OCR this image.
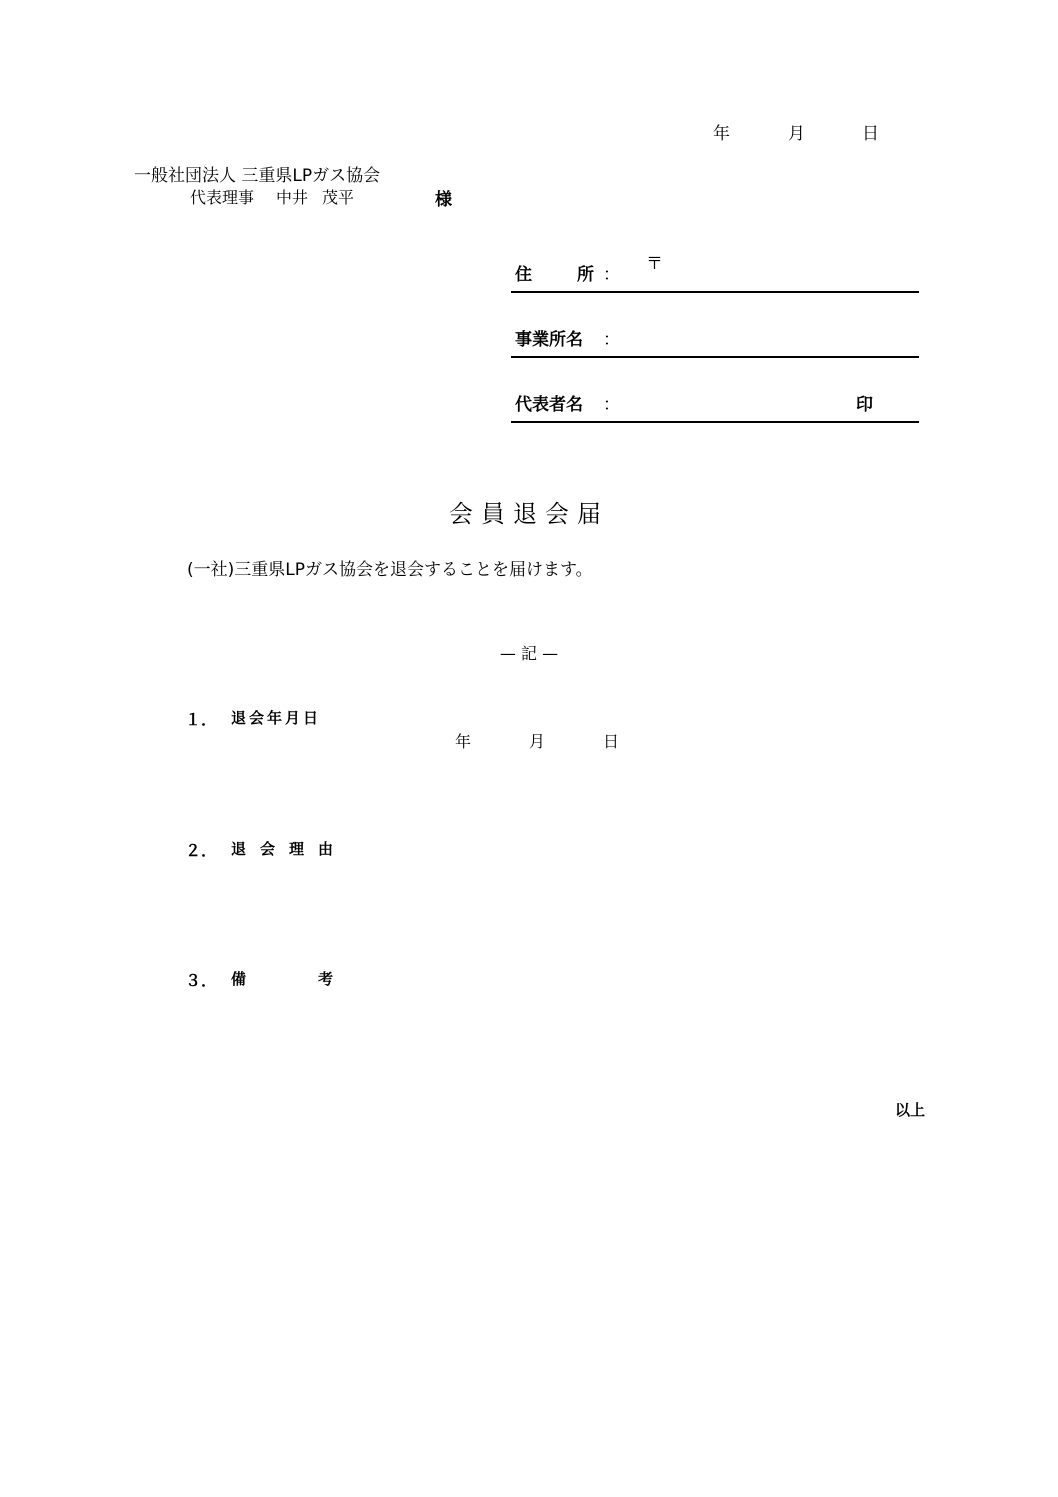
年	月	日
一般社団法人 三重県LPガス協会
代表理事 中井 茂平	様
住	所 ：
〒
事業所名 ：
代表者名 ：	印
会員退会届
(一社)三重県LPガス協会を退会することを届けます。
— 記 —
１． 退会年月日
年	月	日
２． 退会理由
３． 備	考
以上
